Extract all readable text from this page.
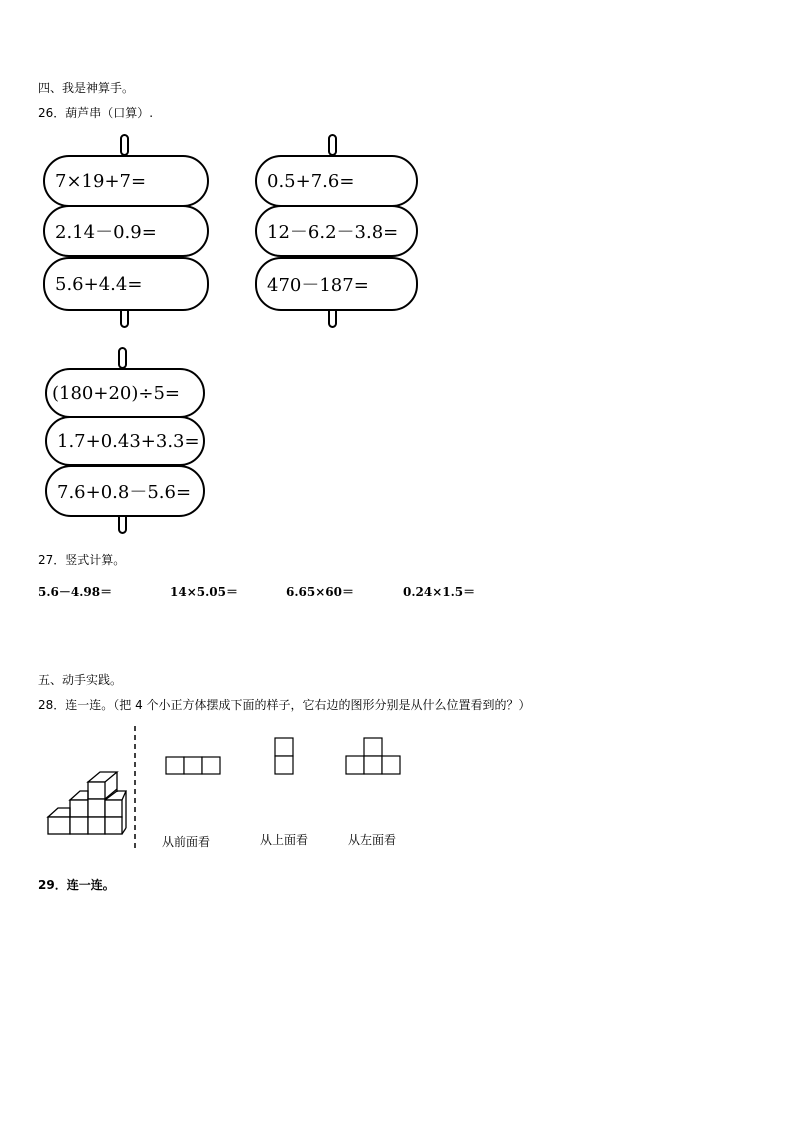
四、我是神算手。
26．葫芦串（口算）.
7×19+7=
2.14－0.9=
5.6+4.4=
0.5+7.6=
12－6.2－3.8=
470－187=
(180+20)÷5=
1.7+0.43+3.3=
7.6+0.8－5.6=
27．竖式计算。
5.6－4.98＝	14×5.05＝	6.65×60＝	0.24×1.5＝
五、动手实践。
28．连一连。（把 4 个小正方体摆成下面的样子，它右边的图形分别是从什么位置看到的？）
从前面看	从上面看	从左面看
29．连一连。
